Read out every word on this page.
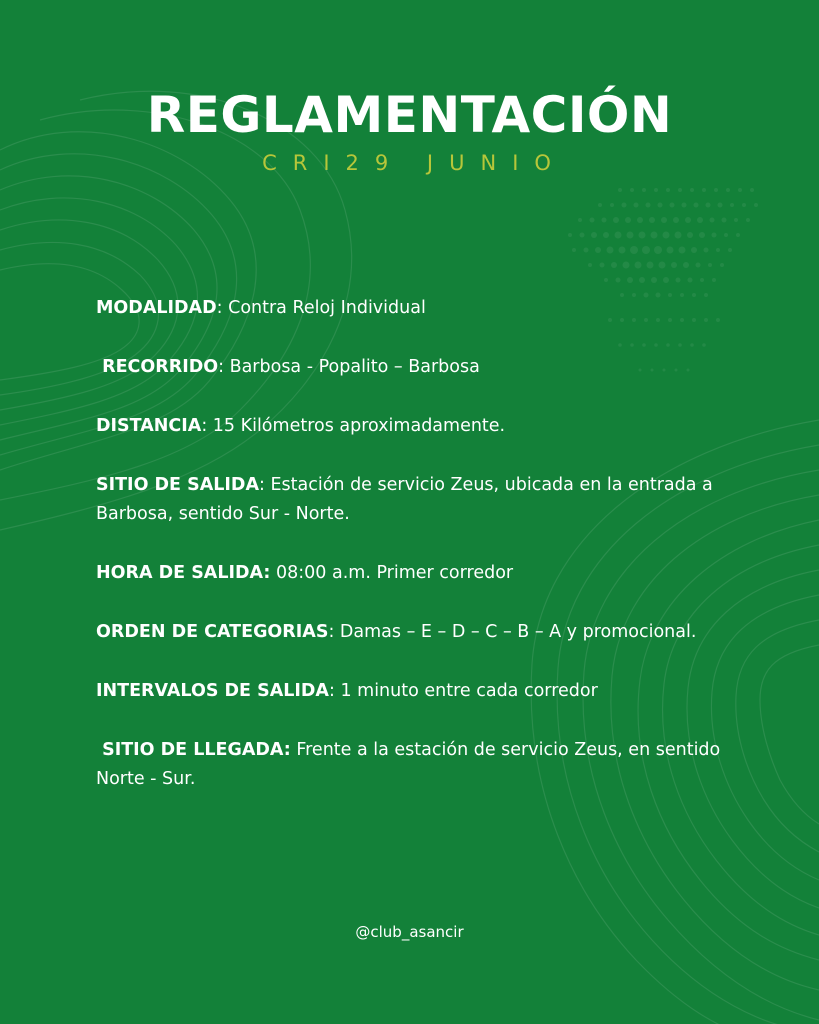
REGLAMENTACIÓN
CRI29 JUNIO
MODALIDAD: Contra Reloj Individual
RECORRIDO: Barbosa - Popalito – Barbosa
DISTANCIA: 15 Kilómetros aproximadamente.
SITIO DE SALIDA: Estación de servicio Zeus, ubicada en la entrada a Barbosa, sentido Sur - Norte.
HORA DE SALIDA: 08:00 a.m. Primer corredor
ORDEN DE CATEGORIAS: Damas – E – D – C – B – A y promocional.
INTERVALOS DE SALIDA: 1 minuto entre cada corredor
SITIO DE LLEGADA: Frente a la estación de servicio Zeus, en sentido Norte - Sur.
@club_asancir
